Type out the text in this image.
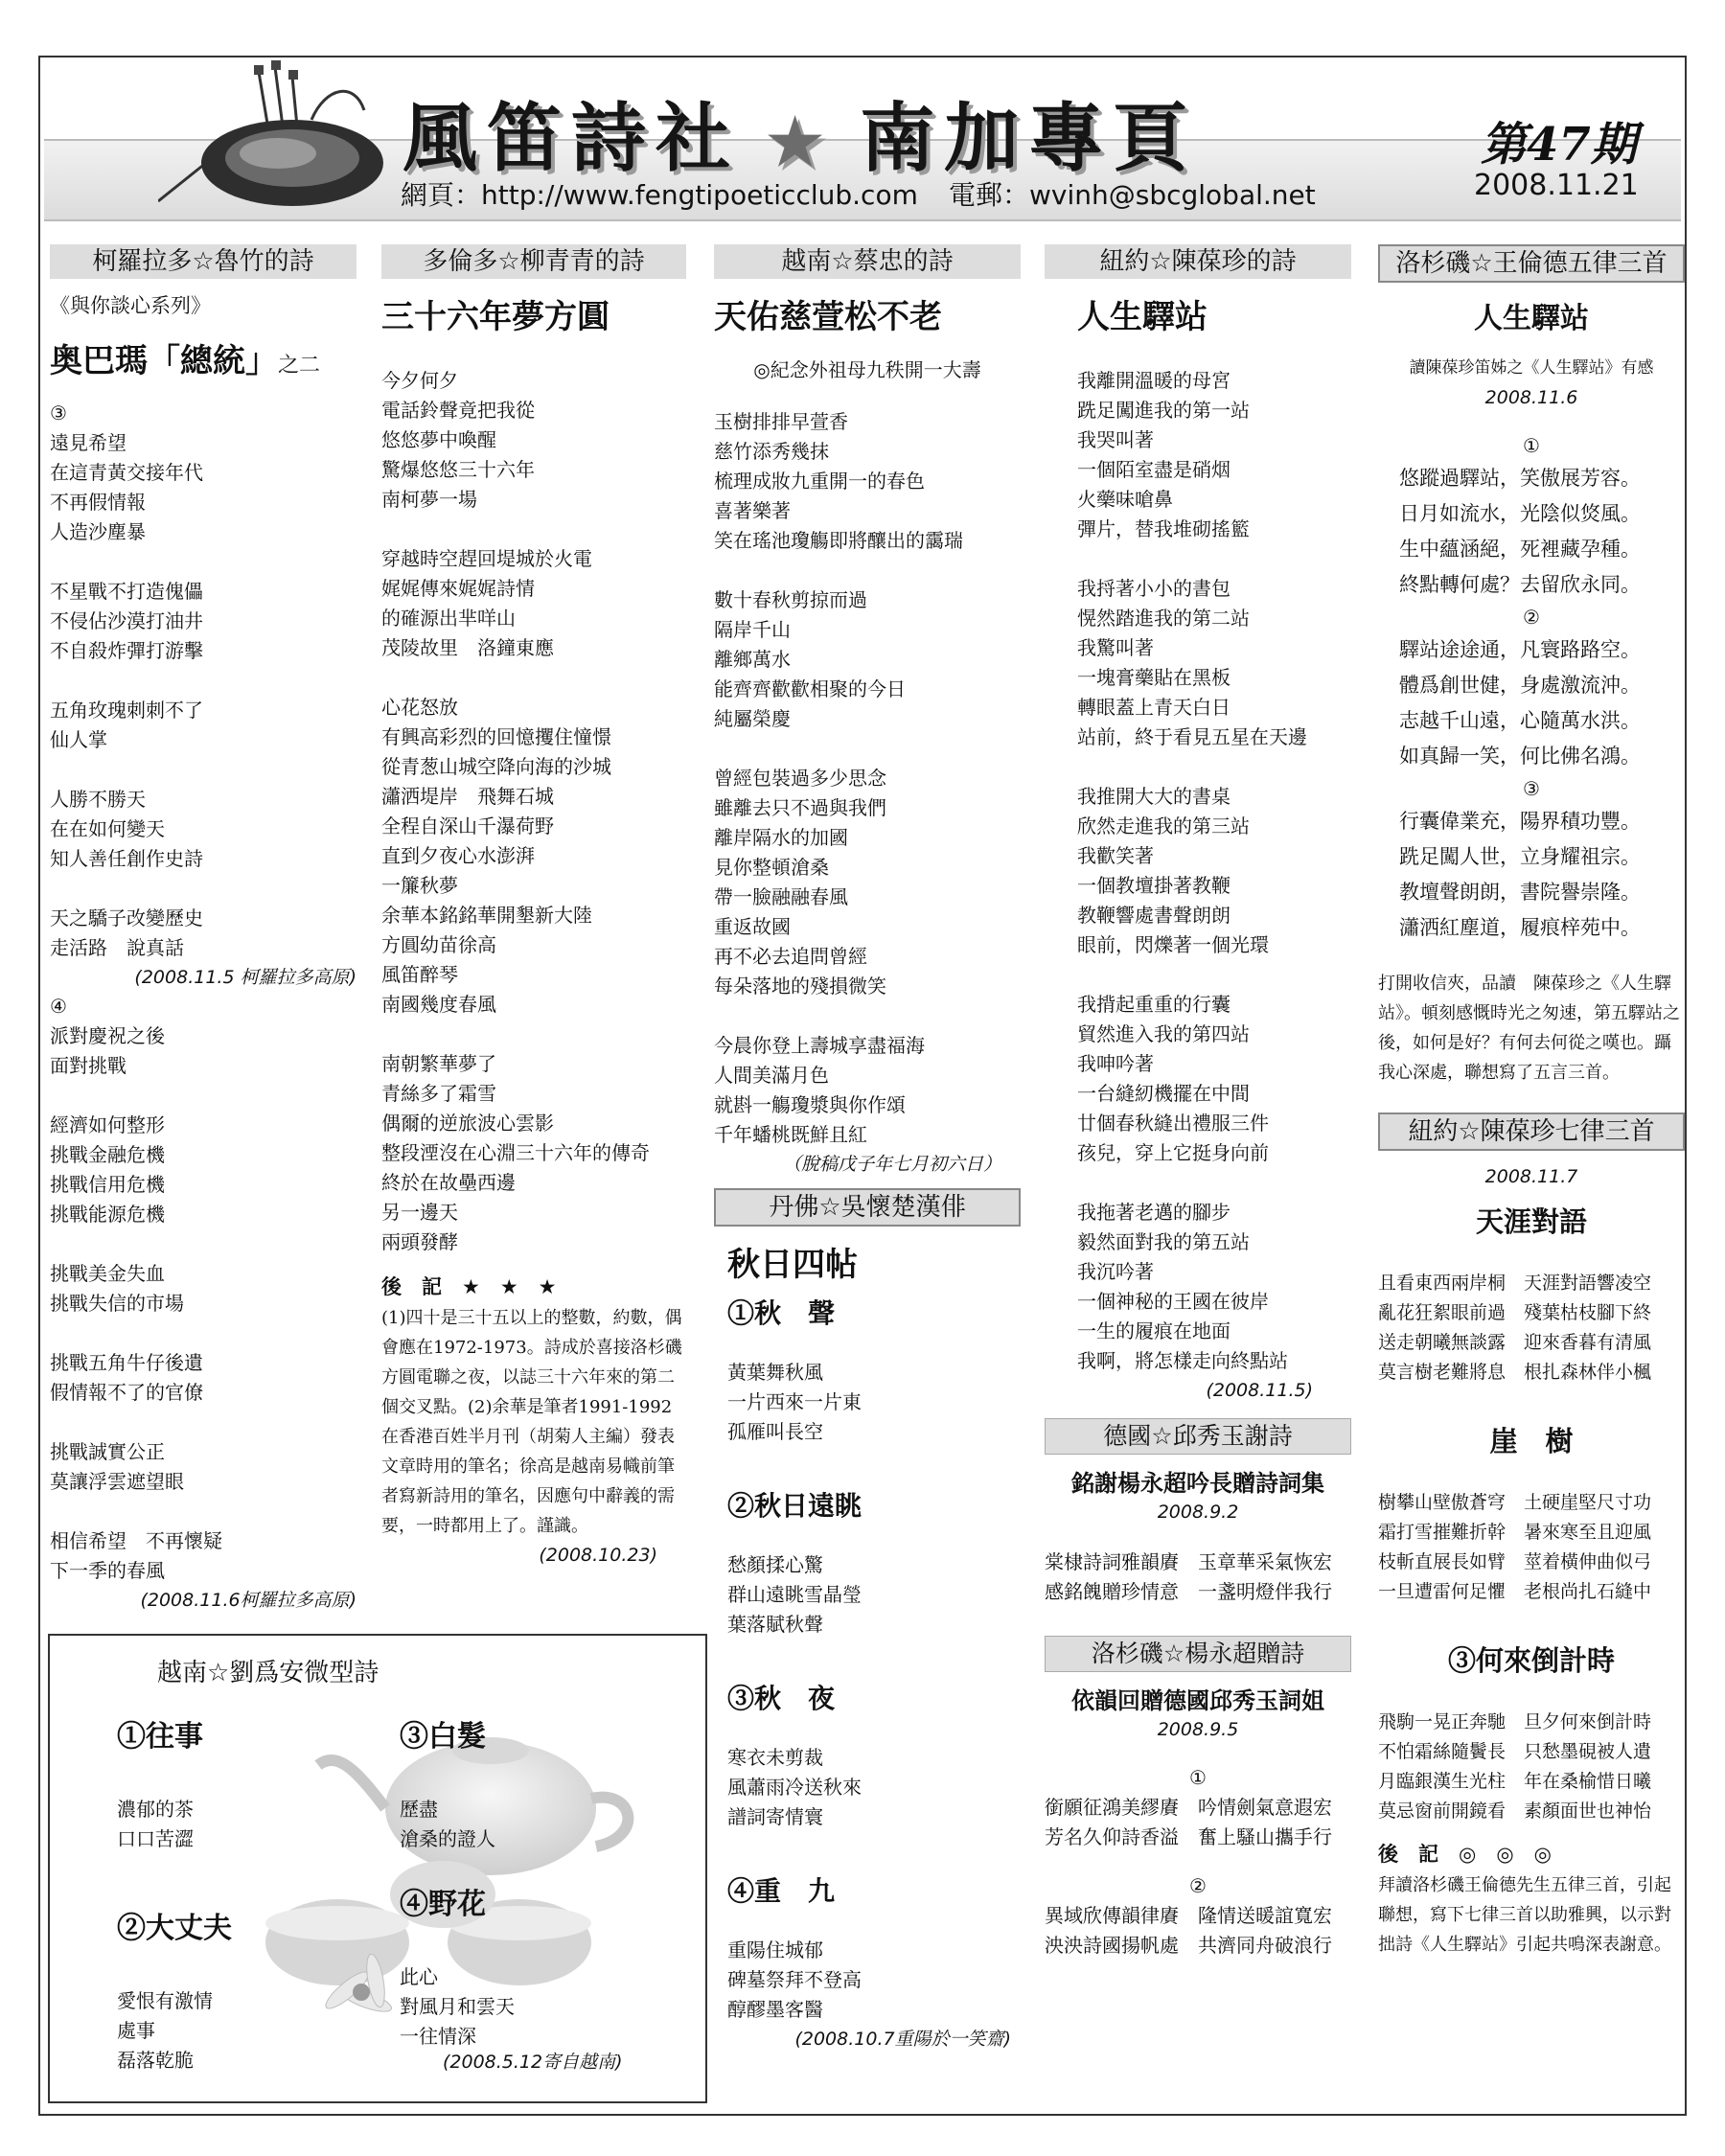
風笛詩社 ★ 南加專頁
網頁：http://www.fengtipoeticclub.com 電郵：wvinh@sbcglobal.net
第47期
2008.11.21
柯羅拉多☆魯竹的詩
《與你談心系列》
奥巴瑪「總統」之二
③
遠見希望
在這青黃交接年代
不再假情報
人造沙塵暴
不星戰不打造傀儡
不侵佔沙漠打油井
不自殺炸彈打游擊
五角玫瑰刺刺不了
仙人掌
人勝不勝天
在在如何變天
知人善任創作史詩
天之驕子改變歷史
走活路　說真話
(2008.11.5 柯羅拉多高原)
④
派對慶祝之後
面對挑戰
經濟如何整形
挑戰金融危機
挑戰信用危機
挑戰能源危機
挑戰美金失血
挑戰失信的市場
挑戰五角牛仔後遺
假情報不了的官僚
挑戰誠實公正
莫讓浮雲遮望眼
相信希望　不再懷疑
下一季的春風
(2008.11.6柯羅拉多高原)
多倫多☆柳青青的詩
三十六年夢方圓
今夕何夕
電話鈴聲竟把我從
悠悠夢中喚醒
驚爆悠悠三十六年
南柯夢一場
穿越時空趕回堤城於火電
娓娓傳來娓娓詩情
的確源出芈咩山
茂陵故里　洛鐘東應
心花怒放
有興高彩烈的回憶攫住憧憬
從青葱山城空降向海的沙城
瀟洒堤岸　飛舞石城
全程自深山千瀑荷野
直到夕夜心水澎湃
一簾秋夢
余華本銘銘華開墾新大陸
方圓幼苗徐高
風笛醉琴
南國幾度春風
南朝繁華夢了
青絲多了霜雪
偶爾的逆旅波心雲影
整段湮沒在心淵三十六年的傳奇
終於在故壘西邊
另一邊天
兩頭發酵
後　記　 ★　★　★
(1)四十是三十五以上的整數，約數，偶會應在1972-1973。詩成於喜接洛杉磯方圓電聯之夜，以誌三十六年來的第二個交叉點。(2)余華是筆者1991-1992在香港百姓半月刊（胡菊人主編）發表文章時用的筆名；徐高是越南易幟前筆者寫新詩用的筆名，因應句中辭義的需要，一時都用上了。謹識。
(2008.10.23)
越南☆蔡忠的詩
天佑慈萱松不老
◎紀念外祖母九秩開一大壽
玉樹排排早萱香
慈竹添秀幾抹
梳理成妝九重開一的春色
喜著樂著
笑在瑤池瓊觴即將釀出的靄瑞
數十春秋剪掠而過
隔岸千山
離鄉萬水
能齊齊歡歡相聚的今日
純屬榮慶
曾經包裝過多少思念
雖離去只不過與我們
離岸隔水的加國
見你整頓滄桑
帶一臉融融春風
重返故國
再不必去追問曾經
每朵落地的殘損微笑
今晨你登上壽城享盡福海
人間美滿月色
就斟一觴瓊漿與你作頌
千年蟠桃既鮮且紅
（脫稿戊子年七月初六日）
丹佛☆吳懷楚漢俳
秋日四帖
①秋　聲
黃葉舞秋風
一片西來一片東
孤雁叫長空
②秋日遠眺
愁顏揉心驚
群山遠眺雪晶瑩
葉落賦秋聲
③秋　夜
寒衣未剪裁
風蕭雨冷送秋來
譜詞寄情寰
④重　九
重陽住城郁
碑墓祭拜不登高
醇醪墨客醫
(2008.10.7重陽於一笑齋)
紐約☆陳葆珍的詩
人生驛站
我離開溫暖的母宮
跣足闖進我的第一站
我哭叫著
一個陌室盡是硝烟
火藥味嗆鼻
彈片，替我堆砌搖籃
我捋著小小的書包
愰然踏進我的第二站
我驚叫著
一塊膏藥貼在黑板
轉眼蓋上青天白日
站前，終于看見五星在天邊
我推開大大的書桌
欣然走進我的第三站
我歡笑著
一個教壇掛著教鞭
教鞭響處書聲朗朗
眼前，閃爍著一個光環
我揹起重重的行囊
貿然進入我的第四站
我呻吟著
一台縫紉機擺在中間
廿個春秋縫出禮服三件
孩兒，穿上它挺身向前
我拖著老邁的腳步
毅然面對我的第五站
我沉吟著
一個神秘的王國在彼岸
一生的履痕在地面
我啊，將怎樣走向終點站
(2008.11.5)
德國☆邱秀玉謝詩
銘謝楊永超吟長贈詩詞集
2008.9.2
棠棣詩詞雅韻賡　玉章華采氣恢宏
感銘餽贈珍情意　一盞明燈伴我行
洛杉磯☆楊永超贈詩
依韻回贈德國邱秀玉詞姐
2008.9.5
①
銜願征鴻美繆賡　吟情劍氣意遐宏
芳名久仰詩香溢　奮上騷山攜手行
②
異域欣傳韻律賡　隆情送暖誼寬宏
泱泱詩國揚帆處　共濟同舟破浪行
洛杉磯☆王倫德五律三首
人生驛站
讀陳葆珍笛姊之《人生驛站》有感
2008.11.6
①
悠蹤過驛站，笑傲展芳容。
日月如流水，光陰似焂風。
生中蘊涵絕，死裡藏孕種。
終點轉何處？去留欣永同。
②
驛站途途通，凡寰路路空。
體爲創世健，身處激流沖。
志越千山遠，心隨萬水洪。
如真歸一笑，何比佛名鴻。
③
行囊偉業充，陽界積功豐。
跣足闖人世，立身耀祖宗。
教壇聲朗朗，書院譽崇隆。
瀟洒紅塵道，履痕梓苑中。
打開收信夾，品讀　陳葆珍之《人生驛站》。頓刻感慨時光之匆速，第五驛站之後，如何是好？有何去何從之嘆也。躡我心深處，聯想寫了五言三首。
紐約☆陳葆珍七律三首
2008.11.7
天涯對語
且看東西兩岸桐　天涯對語響凌空
亂花狂絮眼前過　殘葉枯枝腳下終
送走朝曦無談露　迎來香暮有清風
莫言樹老難將息　根扎森林伴小楓
崖　樹
樹攀山壁傲蒼穹　土硬崖堅尺寸功
霜打雪摧難折幹　暑來寒至且迎風
枝斬直展長如臂　莖着橫伸曲似弓
一旦遭雷何足懼　老根尚扎石縫中
③何來倒計時
飛駒一晃正奔馳　旦夕何來倒計時
不怕霜絲隨鬢長　只愁墨硯被人遺
月臨銀漢生光柱　年在桑榆惜日曦
莫忌窗前開鏡看　素顏面世也神怡
後　記　 ◎　◎　◎
拜讀洛杉磯王倫德先生五律三首，引起聯想，寫下七律三首以助雅興，以示對拙詩《人生驛站》引起共鳴深表謝意。
越南☆劉爲安微型詩
①往事
濃郁的茶
口口苦澀
②大丈夫
愛恨有激情
處事
磊落乾脆
③白髮
歷盡
滄桑的證人
④野花
此心
對風月和雲天
一往情深
(2008.5.12寄自越南)
